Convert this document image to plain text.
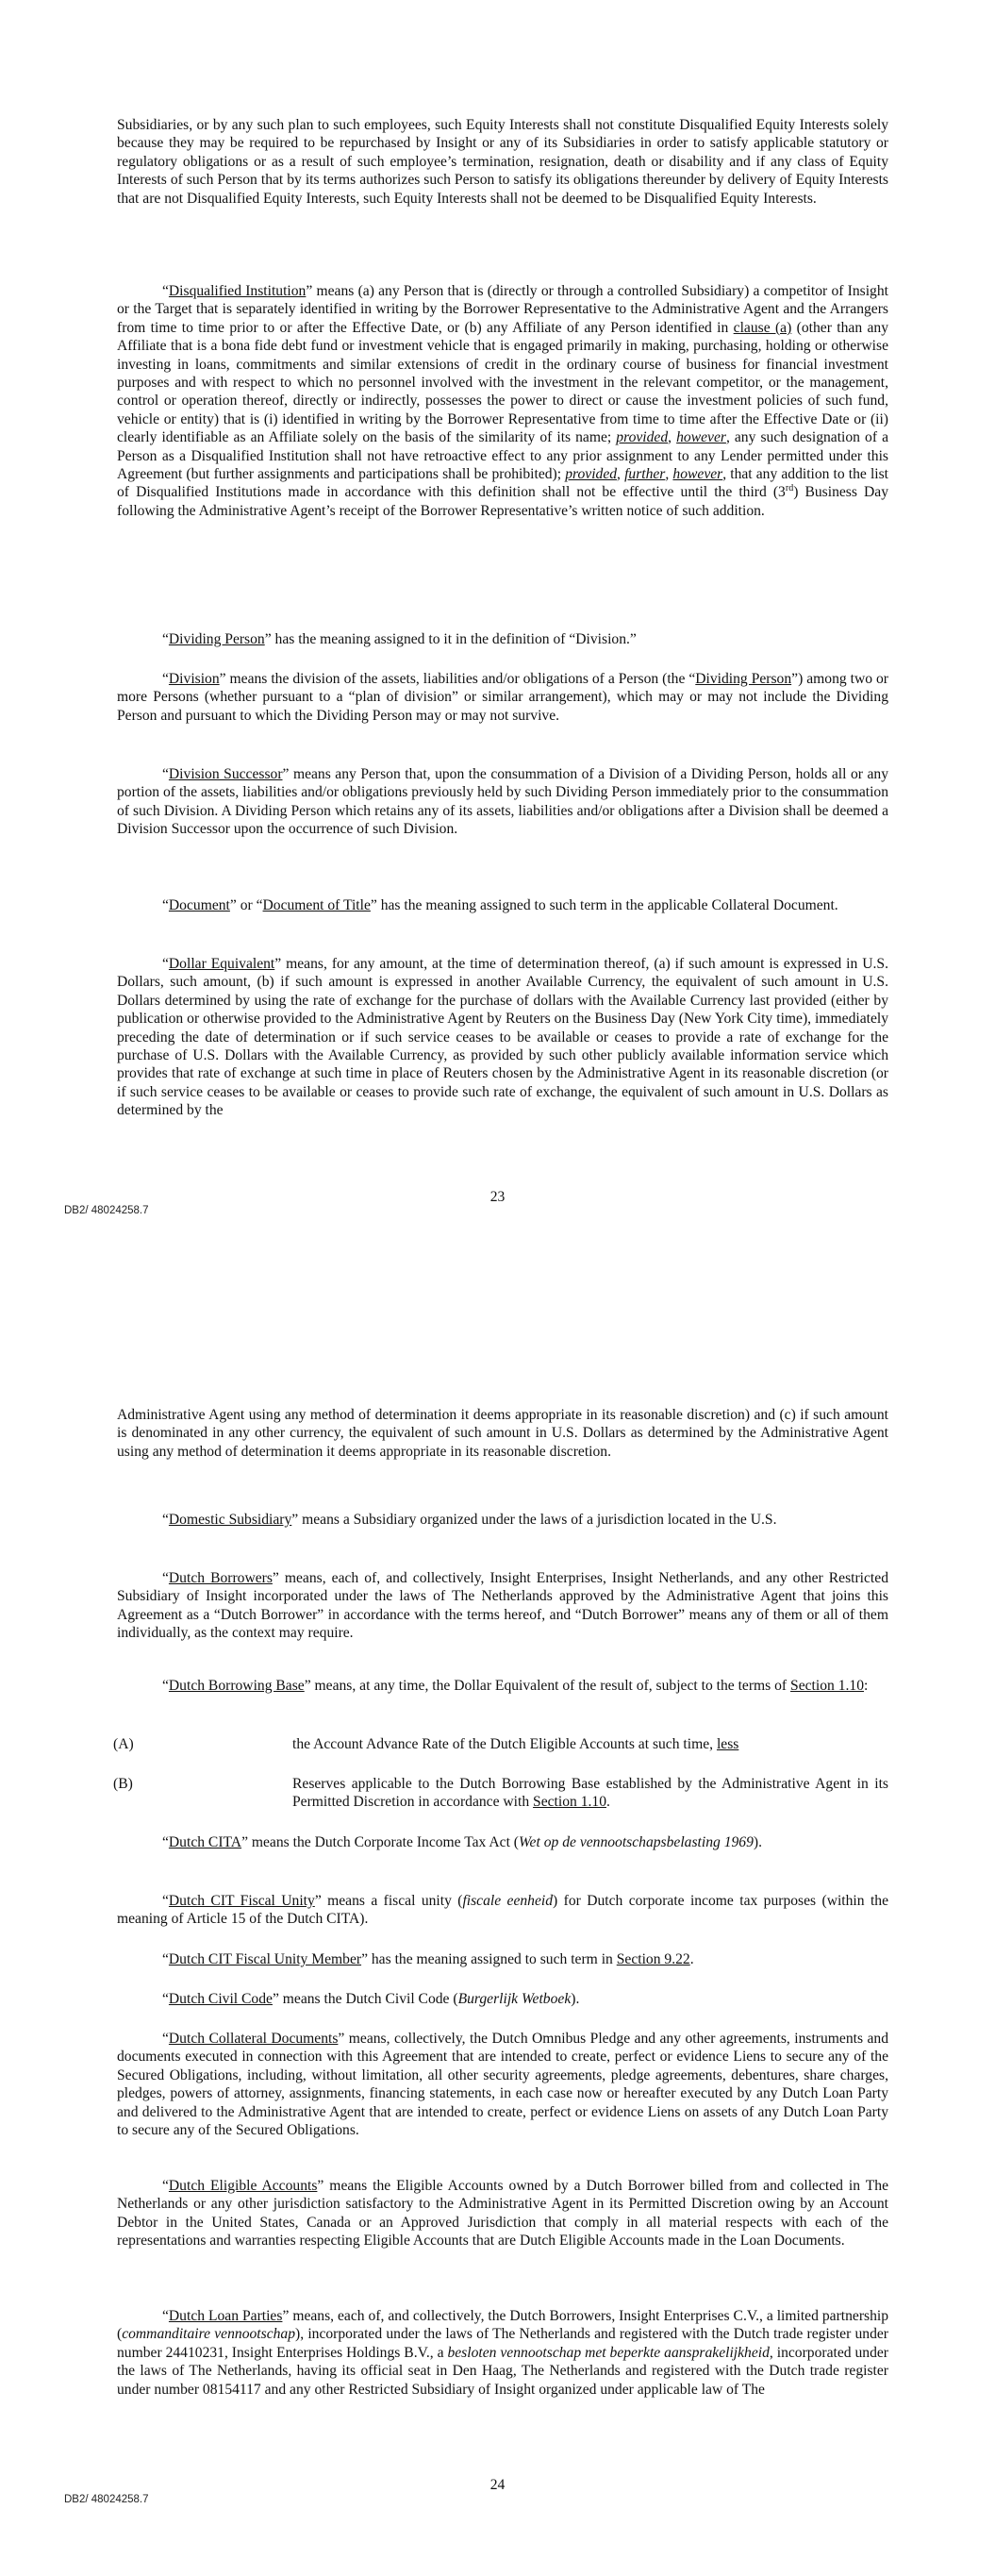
Subsidiaries, or by any such plan to such employees, such Equity Interests shall not constitute Disqualified Equity Interests solely because they may be required to be repurchased by Insight or any of its Subsidiaries in order to satisfy applicable statutory or regulatory obligations or as a result of such employee’s termination, resignation, death or disability and if any class of Equity Interests of such Person that by its terms authorizes such Person to satisfy its obligations thereunder by delivery of Equity Interests that are not Disqualified Equity Interests, such Equity Interests shall not be deemed to be Disqualified Equity Interests.

“Disqualified Institution” means (a) any Person that is (directly or through a controlled Subsidiary) a competitor of Insight or the Target that is separately identified in writing by the Borrower Representative to the Administrative Agent and the Arrangers from time to time prior to or after the Effective Date, or (b) any Affiliate of any Person identified in clause (a) (other than any Affiliate that is a bona fide debt fund or investment vehicle that is engaged primarily in making, purchasing, holding or otherwise investing in loans, commitments and similar extensions of credit in the ordinary course of business for financial investment purposes and with respect to which no personnel involved with the investment in the relevant competitor, or the management, control or operation thereof, directly or indirectly, possesses the power to direct or cause the investment policies of such fund, vehicle or entity) that is (i) identified in writing by the Borrower Representative from time to time after the Effective Date or (ii) clearly identifiable as an Affiliate solely on the basis of the similarity of its name; provided, however, any such designation of a Person as a Disqualified Institution shall not have retroactive effect to any prior assignment to any Lender permitted under this Agreement (but further assignments and participations shall be prohibited); provided, further, however, that any addition to the list of Disqualified Institutions made in accordance with this definition shall not be effective until the third (3rd) Business Day following the Administrative Agent’s receipt of the Borrower Representative’s written notice of such addition.

“Dividing Person” has the meaning assigned to it in the definition of “Division.”

“Division” means the division of the assets, liabilities and/or obligations of a Person (the “Dividing Person”) among two or more Persons (whether pursuant to a “plan of division” or similar arrangement), which may or may not include the Dividing Person and pursuant to which the Dividing Person may or may not survive.

“Division Successor” means any Person that, upon the consummation of a Division of a Dividing Person, holds all or any portion of the assets, liabilities and/or obligations previously held by such Dividing Person immediately prior to the consummation of such Division. A Dividing Person which retains any of its assets, liabilities and/or obligations after a Division shall be deemed a Division Successor upon the occurrence of such Division.

“Document” or “Document of Title” has the meaning assigned to such term in the applicable Collateral Document.

“Dollar Equivalent” means, for any amount, at the time of determination thereof, (a) if such amount is expressed in U.S. Dollars, such amount, (b) if such amount is expressed in another Available Currency, the equivalent of such amount in U.S. Dollars determined by using the rate of exchange for the purchase of dollars with the Available Currency last provided (either by publication or otherwise provided to the Administrative Agent by Reuters on the Business Day (New York City time), immediately preceding the date of determination or if such service ceases to be available or ceases to provide a rate of exchange for the purchase of U.S. Dollars with the Available Currency, as provided by such other publicly available information service which provides that rate of exchange at such time in place of Reuters chosen by the Administrative Agent in its reasonable discretion (or if such service ceases to be available or ceases to provide such rate of exchange, the equivalent of such amount in U.S. Dollars as determined by the

DB2/ 48024258.7
23

Administrative Agent using any method of determination it deems appropriate in its reasonable discretion) and (c) if such amount is denominated in any other currency, the equivalent of such amount in U.S. Dollars as determined by the Administrative Agent using any method of determination it deems appropriate in its reasonable discretion.

“Domestic Subsidiary” means a Subsidiary organized under the laws of a jurisdiction located in the U.S.

“Dutch Borrowers” means, each of, and collectively, Insight Enterprises, Insight Netherlands, and any other Restricted Subsidiary of Insight incorporated under the laws of The Netherlands approved by the Administrative Agent that joins this Agreement as a “Dutch Borrower” in accordance with the terms hereof, and “Dutch Borrower” means any of them or all of them individually, as the context may require.

“Dutch Borrowing Base” means, at any time, the Dollar Equivalent of the result of, subject to the terms of Section 1.10:

(A)	the Account Advance Rate of the Dutch Eligible Accounts at such time, less

(B)	Reserves applicable to the Dutch Borrowing Base established by the Administrative Agent in its Permitted Discretion in accordance with Section 1.10.

“Dutch CITA” means the Dutch Corporate Income Tax Act (Wet op de vennootschapsbelasting 1969).

“Dutch CIT Fiscal Unity” means a fiscal unity (fiscale eenheid) for Dutch corporate income tax purposes (within the meaning of Article 15 of the Dutch CITA).

“Dutch CIT Fiscal Unity Member” has the meaning assigned to such term in Section 9.22.

“Dutch Civil Code” means the Dutch Civil Code (Burgerlijk Wetboek).

“Dutch Collateral Documents” means, collectively, the Dutch Omnibus Pledge and any other agreements, instruments and documents executed in connection with this Agreement that are intended to create, perfect or evidence Liens to secure any of the Secured Obligations, including, without limitation, all other security agreements, pledge agreements, debentures, share charges, pledges, powers of attorney, assignments, financing statements, in each case now or hereafter executed by any Dutch Loan Party and delivered to the Administrative Agent that are intended to create, perfect or evidence Liens on assets of any Dutch Loan Party to secure any of the Secured Obligations.

“Dutch Eligible Accounts” means the Eligible Accounts owned by a Dutch Borrower billed from and collected in The Netherlands or any other jurisdiction satisfactory to the Administrative Agent in its Permitted Discretion owing by an Account Debtor in the United States, Canada or an Approved Jurisdiction that comply in all material respects with each of the representations and warranties respecting Eligible Accounts that are Dutch Eligible Accounts made in the Loan Documents.

“Dutch Loan Parties” means, each of, and collectively, the Dutch Borrowers, Insight Enterprises C.V., a limited partnership (commanditaire vennootschap), incorporated under the laws of The Netherlands and registered with the Dutch trade register under number 24410231, Insight Enterprises Holdings B.V., a besloten vennootschap met beperkte aansprakelijkheid, incorporated under the laws of The Netherlands, having its official seat in Den Haag, The Netherlands and registered with the Dutch trade register under number 08154117 and any other Restricted Subsidiary of Insight organized under applicable law of The

DB2/ 48024258.7
24
